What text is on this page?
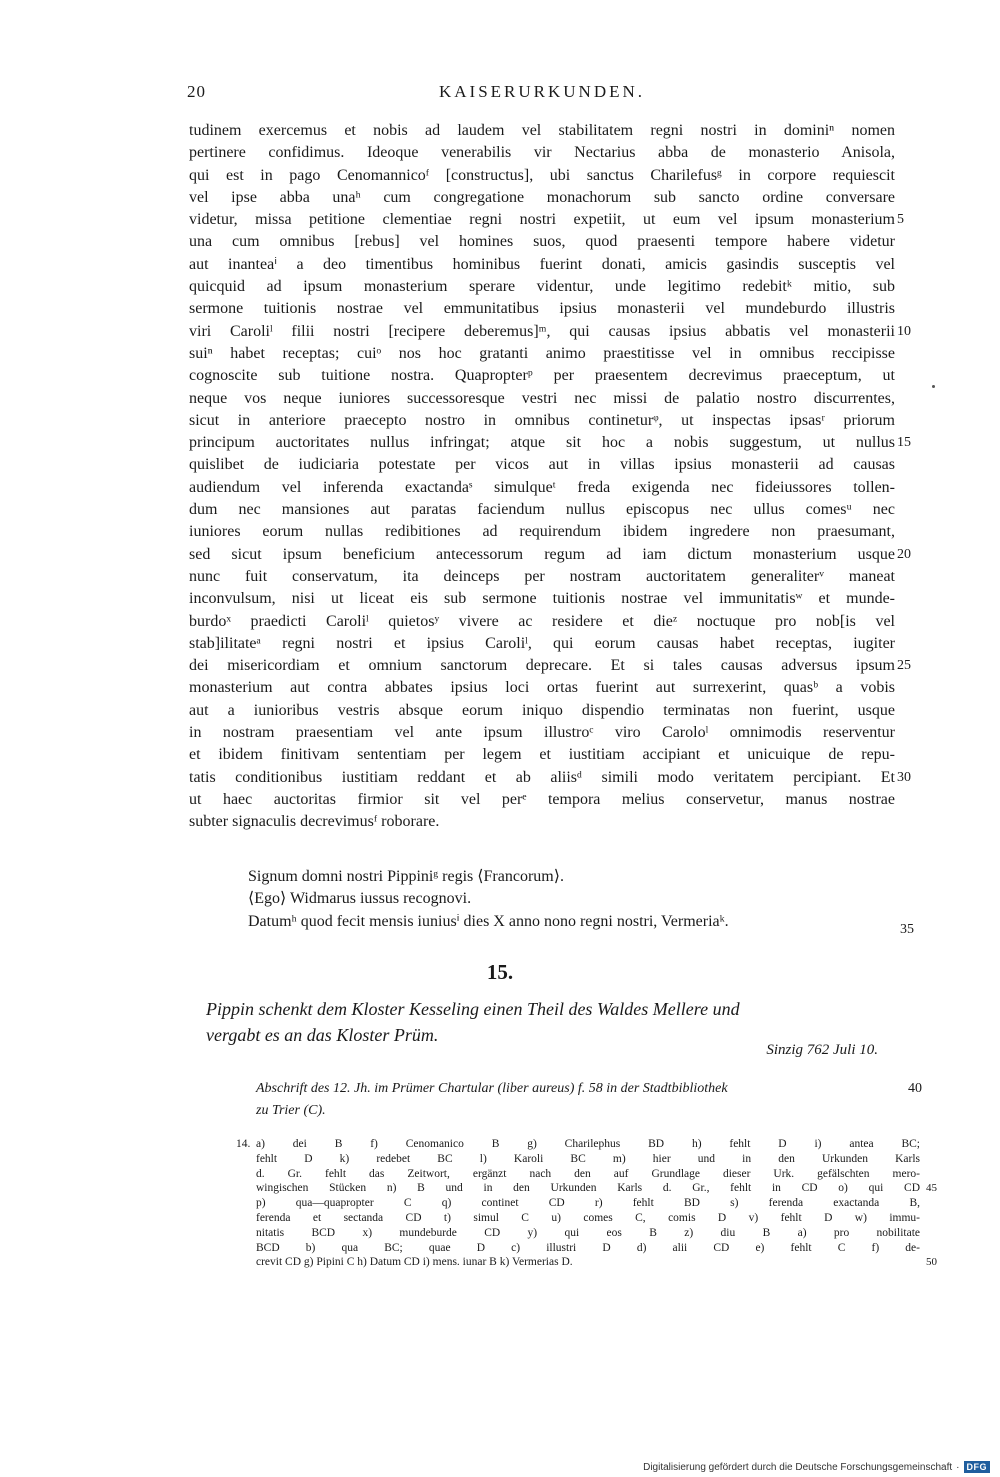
20	KAISERURKUNDEN.
tudinem exercemus et nobis ad laudem vel stabilitatem regni nostri in dominiⁿ nomen
pertinere confidimus. Ideoque venerabilis vir Nectarius abba de monasterio Anisola,
qui est in pago Cenomannicoᶠ [constructus], ubi sanctus Charilefusᵍ in corpore requiescit
vel ipse abba unaʰ cum congregatione monachorum sub sancto ordine conversare
videtur, missa petitione clementiae regni nostri expetiit, ut eum vel ipsum monasterium 5
una cum omnibus [rebus] vel homines suos, quod praesenti tempore habere videtur
aut inanteaⁱ a deo timentibus hominibus fuerint donati, amicis gasindis susceptis vel
quicquid ad ipsum monasterium sperare videntur, unde legitimo redebitᵏ mitio, sub
sermone tuitionis nostrae vel emmunitatibus ipsius monasterii vel mundeburdo illustris
viri Caroliˡ filii nostri [recipere deberemus]ᵐ, qui causas ipsius abbatis vel monasterii 10
suiⁿ habet receptas; cuiᵒ nos hoc gratanti animo praestitisse vel in omnibus reccipisse
cognoscite sub tuitione nostra. Quapropterᵖ per praesentem decrevimus praeceptum, ut
neque vos neque iuniores successoresque vestri nec missi de palatio nostro discurrentes,
sicut in anteriore praecepto nostro in omnibus contineturᵠ, ut inspectas ipsasʳ priorum
principum auctoritates nullus infringat; atque sit hoc a nobis suggestum, ut nullus 15
quislibet de iudiciaria potestate per vicos aut in villas ipsius monasterii ad causas
audiendum vel inferenda exactandaˢ simulqueᵗ freda exigenda nec fideiussores tollen-
dum nec mansiones aut paratas faciendum nullus episcopus nec ullus comesᵘ nec
iuniores eorum nullas redibitiones ad requirendum ibidem ingredere non praesumant,
sed sicut ipsum beneficium antecessorum regum ad iam dictum monasterium usque 20
nunc fuit conservatum, ita deinceps per nostram auctoritatem generaliterᵛ maneat
inconvulsum, nisi ut liceat eis sub sermone tuitionis nostrae vel immunitatisʷ et munde-
burdoˣ praedicti Caroliˡ quietosʸ vivere ac residere et dieᶻ noctuque pro nob[is vel
stab]ilitateᵃ regni nostri et ipsius Caroliˡ, qui eorum causas habet receptas, iugiter
dei misericordiam et omnium sanctorum deprecare. Et si tales causas adversus ipsum 25
monasterium aut contra abbates ipsius loci ortas fuerint aut surrexerint, quasᵇ a vobis
aut a iunioribus vestris absque eorum iniquo dispendio terminatas non fuerint, usque
in nostram praesentiam vel ante ipsum illustroᶜ viro Caroloˡ omnimodis reserventur
et ibidem finitivam sententiam per legem et iustitiam accipiant et unicuique de repu-
tatis conditionibus iustitiam reddant et ab aliisᵈ simili modo veritatem percipiant. Et 30
ut haec auctoritas firmior sit vel perᵉ tempora melius conservetur, manus nostrae
subter signaculis decrevimusᶠ roborare.
Signum domni nostri Pippiniᵍ regis ⟨Francorum⟩.
⟨Ego⟩ Widmarus iussus recognovi.
Datumʰ quod fecit mensis iuniusⁱ dies X anno nono regni nostri, Vermeriaᵏ.	35
15.
Pippin schenkt dem Kloster Kesseling einen Theil des Waldes Mellere und
vergabt es an das Kloster Prüm.
Sinzig 762 Juli 10.
Abschrift des 12. Jh. im Prümer Chartular (liber aureus) f. 58 in der Stadtbibliothek	40
zu Trier (C).
14. a) dei B f) Cenomanico B g) Charilephus BD h) fehlt D i) antea BC;
fehlt D k) redebet BC l) Karoli BC m) hier und in den Urkunden Karls
d. Gr. fehlt das Zeitwort, ergänzt nach den auf Grundlage dieser Urk. gefälschten mero-
wingischen Stücken n) B und in den Urkunden Karls d. Gr., fehlt in CD o) qui CD 45
p) qua—quapropter C q) continet CD r) fehlt BD s) ferenda exactanda B,
ferenda et sectanda CD t) simul C u) comes C, comis D v) fehlt D w) immu-
nitatis BCD x) mundeburde CD y) qui eos B z) diu B a) pro nobilitate
BCD b) qua BC; quae D c) illustri D d) alii CD e) fehlt C f) de-
crevit CD g) Pipini C h) Datum CD i) mens. iunar B k) Vermerias D.	50
Digitalisierung gefördert durch die Deutsche Forschungsgemeinschaft · DFG
